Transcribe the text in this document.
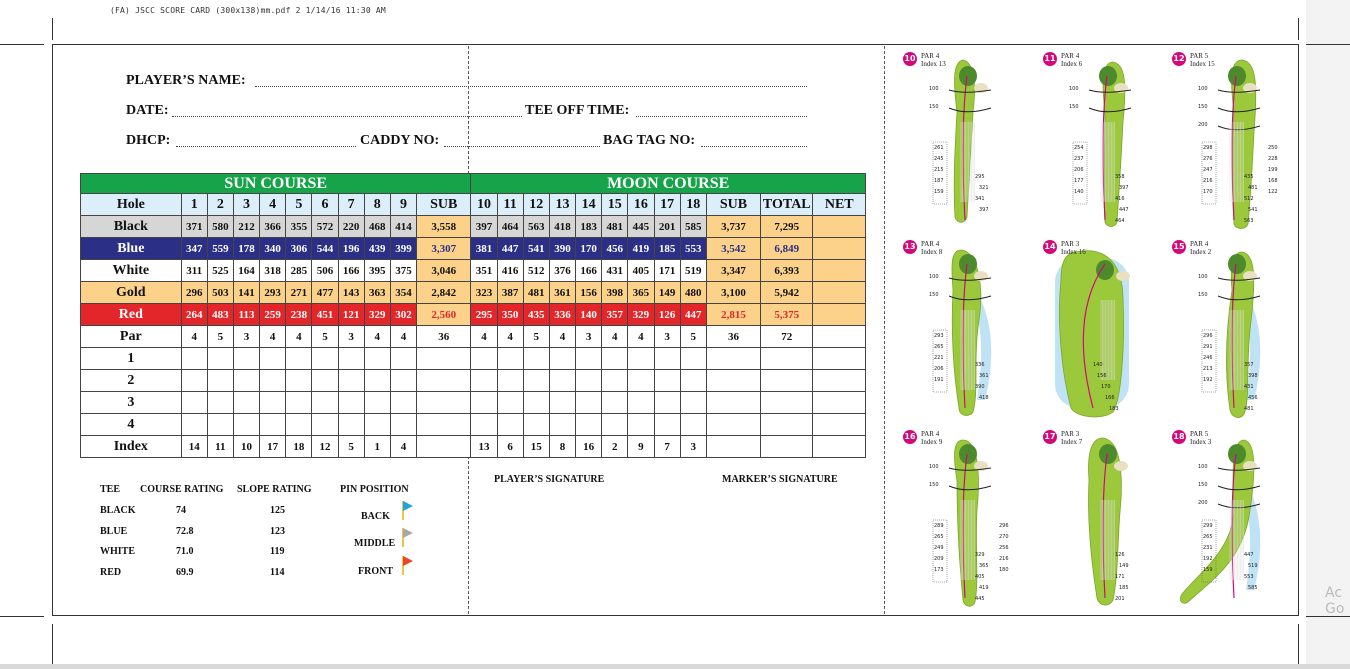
(FA) JSCC SCORE CARD (300x138)mm.pdf 2 1/14/16 11:30 AM
PLAYER’S NAME:
DATE:	TEE OFF TIME:
DHCP:	CADDY NO:	BAG TAG NO:
SUN COURSE											MOON COURSE											
Hole	1	2	3	4	5	6	7	8	9	SUB	10	11	12	13	14	15	16	17	18	SUB	TOTAL	NET
Black	371	580	212	366	355	572	220	468	414	3,558	397	464	563	418	183	481	445	201	585	3,737	7,295	
Blue	347	559	178	340	306	544	196	439	399	3,307	381	447	541	390	170	456	419	185	553	3,542	6,849	
White	311	525	164	318	285	506	166	395	375	3,046	351	416	512	376	166	431	405	171	519	3,347	6,393	
Gold	296	503	141	293	271	477	143	363	354	2,842	323	387	481	361	156	398	365	149	480	3,100	5,942	
Red	264	483	113	259	238	451	121	329	302	2,560	295	350	435	336	140	357	329	126	447	2,815	5,375	
Par	4	5	3	4	4	5	3	4	4	36	4	4	5	4	3	4	4	3	5	36	72	
1																						
2																						
3																						
4																						
Index	14	11	10	17	18	12	5	1	4		13	6	15	8	16	2	9	7	3			
PLAYER’S SIGNATURE	MARKER’S SIGNATURE
TEE COURSE RATING SLOPE RATING	PIN POSITION
BLACK	74	125
BLUE	72.8	123
WHITE	71.0	119
RED	69.9	114
BACK
MIDDLE
FRONT
10 PAR 4
Index 13
100
150
261
245
215
187
159
295
321
341
397
11 PAR 4
Index 6
100
150
254
237
206
177
140
358
397
416
447
464
12 PAR 5
Index 15
100
150
200
298
276
247
216
170
250
228
199
168
122
435
481
512
541
563
13 PAR 4
Index 8
100
150
293
265
221
206
191
336
361
390
418
14 PAR 3
Index 16
140
156
170
166
183
15 PAR 4
Index 2
100
150
296
291
246
213
192
357
398
431
456
481
16 PAR 4
Index 9
100
150
289
265
249
209
173
296
270
256
216
180
329
365
405
419
445
17 PAR 3
Index 7
126
149
171
185
201
18 PAR 5
Index 3
100
150
200
299
265
231
192
159
447
519
553
585	Ac
Go
